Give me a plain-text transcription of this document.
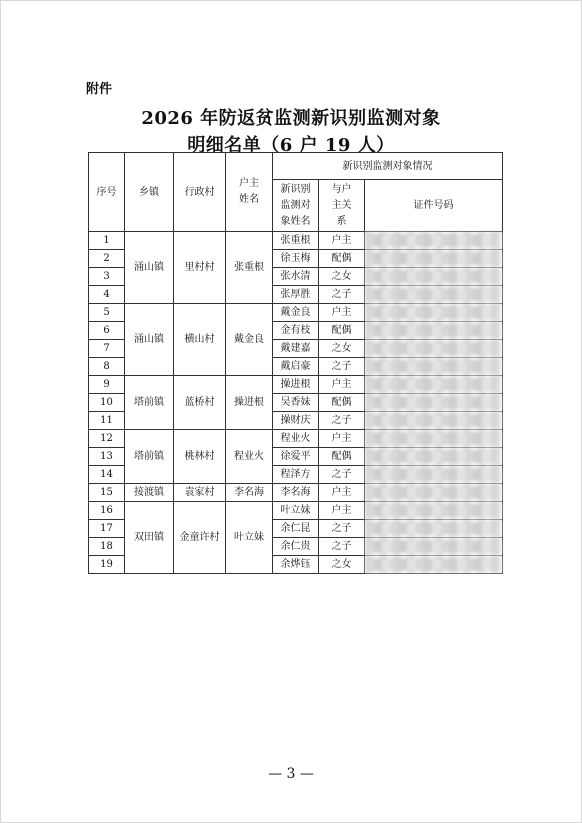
附件
2026 年防返贫监测新识别监测对象
明细名单（6 户 19 人）
序号	乡镇	行政村	户主姓名	新识别监测对象情况		
				新识别监测对象姓名	与户主关系	证件号码
1	涌山镇	里村村	张重根	张重根	户主	

2				徐玉梅	配偶	

3				张水清	之女	

4				张厚胜	之子	

5	涌山镇	横山村	戴金良	戴金良	户主	

6				金有枝	配偶	

7				戴建嘉	之女	

8				戴启豪	之子	

9	塔前镇	蓝桥村	操进根	操进根	户主	

10				吴香妹	配偶	

11				操财庆	之子	

12	塔前镇	桃林村	程业火	程业火	户主	

13				徐爱平	配偶	

14				程泽方	之子	

15	接渡镇	袁家村	李名海	李名海	户主	

16	双田镇	金童许村	叶立妹	叶立妹	户主	

17				余仁昆	之子	

18				余仁贵	之子	

19				余烨钰	之女	
— 3 —
